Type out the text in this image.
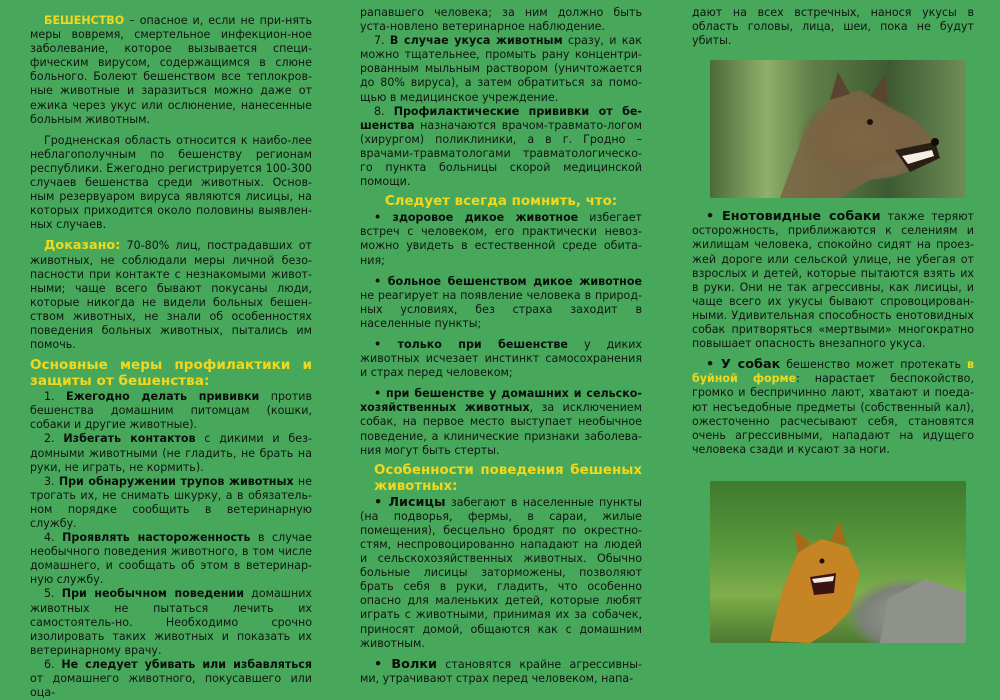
БЕШЕНСТВО – опасное и, если не при-нять меры вовремя, смертельное инфекцион-ное заболевание, которое вызывается специ-фическим вирусом, содержащимся в слюне больного. Болеют бешенством все теплокров-ные животные и заразиться можно даже от ежика через укус или ослюнение, нанесенные больным животным.

Гродненская область относится к наибо-лее неблагополучным по бешенству регионам республики. Ежегодно регистрируется 100-300 случаев бешенства среди животных. Основ-ным резервуаром вируса являются лисицы, на которых приходится около половины выявлен-ных случаев.

Доказано: 70-80% лиц, пострадавших от животных, не соблюдали меры личной безо-пасности при контакте с незнакомыми живот-ными; чаще всего бывают покусаны люди, которые никогда не видели больных бешен-ством животных, не знали об особенностях поведения больных животных, пытались им помочь.

Основные меры профилактики и защиты от бешенства:

1. Ежегодно делать прививки против бешенства домашним питомцам (кошки, собаки и другие животные).

2. Избегать контактов с дикими и без-домными животными (не гладить, не брать на руки, не играть, не кормить).

3. При обнаружении трупов животных не трогать их, не снимать шкурку, а в обязатель-ном порядке сообщить в ветеринарную службу.

4. Проявлять настороженность в случае необычного поведения животного, в том числе домашнего, и сообщать об этом в ветеринар-ную службу.

5. При необычном поведении домашних животных не пытаться лечить их самостоятель-но. Необходимо срочно изолировать таких животных и показать их ветеринарному врачу.

6. Не следует убивать или избавляться от домашнего животного, покусавшего или оца-

рапавшего человека; за ним должно быть уста-новлено ветеринарное наблюдение.

7. В случае укуса животным сразу, и как можно тщательнее, промыть рану концентри-рованным мыльным раствором (уничтожается до 80% вируса), а затем обратиться за помо-щью в медицинское учреждение.

8. Профилактические прививки от бе-шенства назначаются врачом-травмато-логом (хирургом) поликлиники, а в г. Гродно – врачами-травматологами травматологическо-го пункта больницы скорой медицинской помощи.

Следует всегда помнить, что:

• здоровое дикое животное избегает встреч с человеком, его практически невоз-можно увидеть в естественной среде обита-ния;

• больное бешенством дикое животное не реагирует на появление человека в природ-ных условиях, без страха заходит в населенные пункты;

• только при бешенстве у диких животных исчезает инстинкт самосохранения и страх перед человеком;

• при бешенстве у домашних и сельско-хозяйственных животных, за исключением собак, на первое место выступает необычное поведение, а клинические признаки заболева-ния могут быть стерты.

Особенности поведения бешеных животных:

• Лисицы забегают в населенные пункты (на подворья, фермы, в сараи, жилые помещения), бесцельно бродят по окрестно-стям, неспровоцированно нападают на людей и сельскохозяйственных животных. Обычно больные лисицы заторможены, позволяют брать себя в руки, гладить, что особенно опасно для маленьких детей, которые любят играть с животными, принимая их за собачек, приносят домой, общаются как с домашним животным.

• Волки становятся крайне агрессивны-ми, утрачивают страх перед человеком, напа-

дают на всех встречных, нанося укусы в область головы, лица, шеи, пока не будут убиты.

• Енотовидные собаки также теряют осторожность, приближаются к селениям и жилищам человека, спокойно сидят на проез-жей дороге или сельской улице, не убегая от взрослых и детей, которые пытаются взять их в руки. Они не так агрессивны, как лисицы, и чаще всего их укусы бывают спровоцирован-ными. Удивительная способность енотовидных собак притворяться «мертвыми» многократно повышает опасность внезапного укуса.

• У собак бешенство может протекать в буйной форме: нарастает беспокойство, громко и беспричинно лают, хватают и поеда-ют несъедобные предметы (собственный кал), ожесточенно расчесывают себя, становятся очень агрессивными, нападают на идущего человека сзади и кусают за ноги.
